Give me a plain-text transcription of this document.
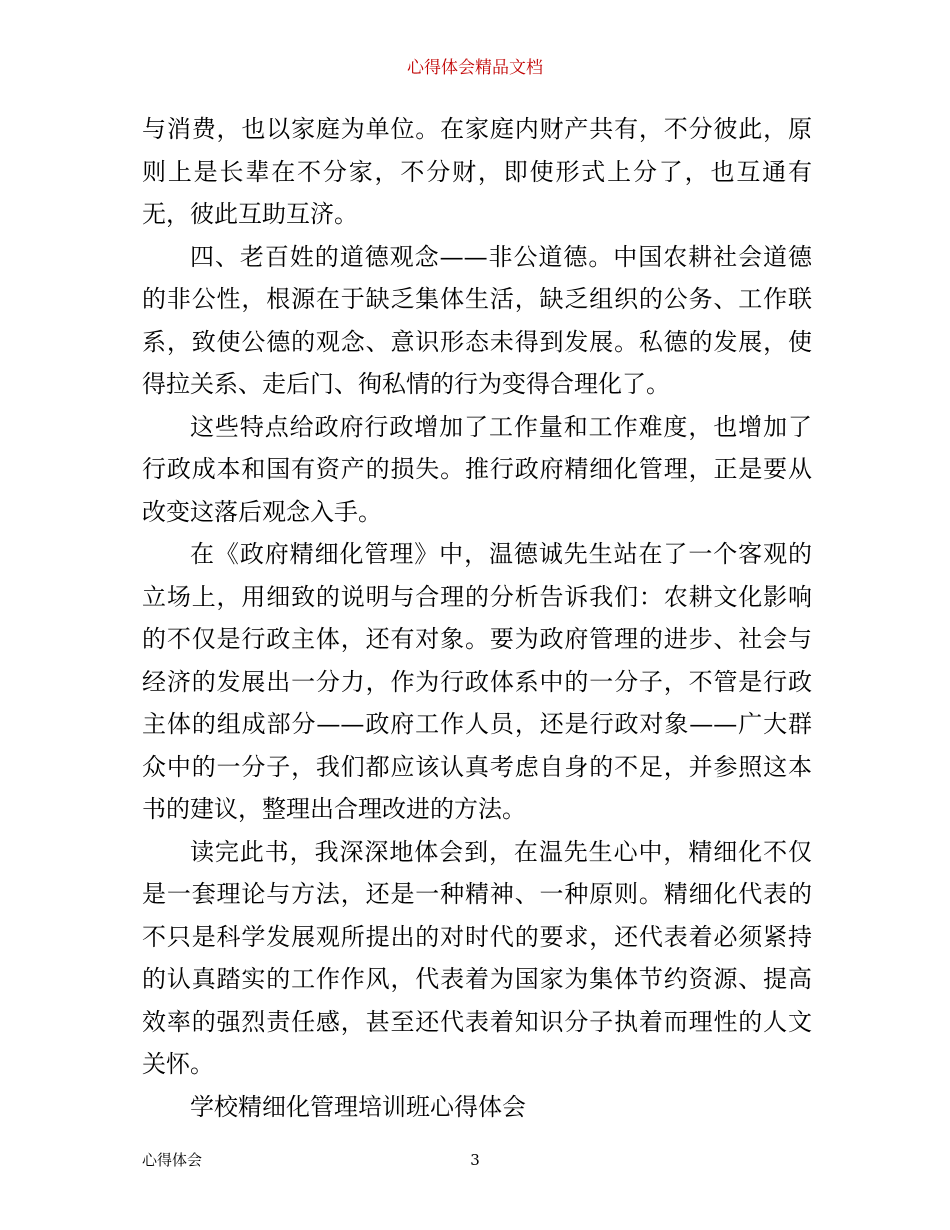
心得体会精品文档

与消费，也以家庭为单位。在家庭内财产共有，不分彼此，原则上是长辈在不分家，不分财，即使形式上分了，也互通有无，彼此互助互济。

四、老百姓的道德观念——非公道德。中国农耕社会道德的非公性，根源在于缺乏集体生活，缺乏组织的公务、工作联系，致使公德的观念、意识形态未得到发展。私德的发展，使得拉关系、走后门、徇私情的行为变得合理化了。

这些特点给政府行政增加了工作量和工作难度，也增加了行政成本和国有资产的损失。推行政府精细化管理，正是要从改变这落后观念入手。

在《政府精细化管理》中，温德诚先生站在了一个客观的立场上，用细致的说明与合理的分析告诉我们：农耕文化影响的不仅是行政主体，还有对象。要为政府管理的进步、社会与经济的发展出一分力，作为行政体系中的一分子，不管是行政主体的组成部分——政府工作人员，还是行政对象——广大群众中的一分子，我们都应该认真考虑自身的不足，并参照这本书的建议，整理出合理改进的方法。

读完此书，我深深地体会到，在温先生心中，精细化不仅是一套理论与方法，还是一种精神、一种原则。精细化代表的不只是科学发展观所提出的对时代的要求，还代表着必须紧持的认真踏实的工作作风，代表着为国家为集体节约资源、提高效率的强烈责任感，甚至还代表着知识分子执着而理性的人文关怀。

学校精细化管理培训班心得体会

心得体会	3
